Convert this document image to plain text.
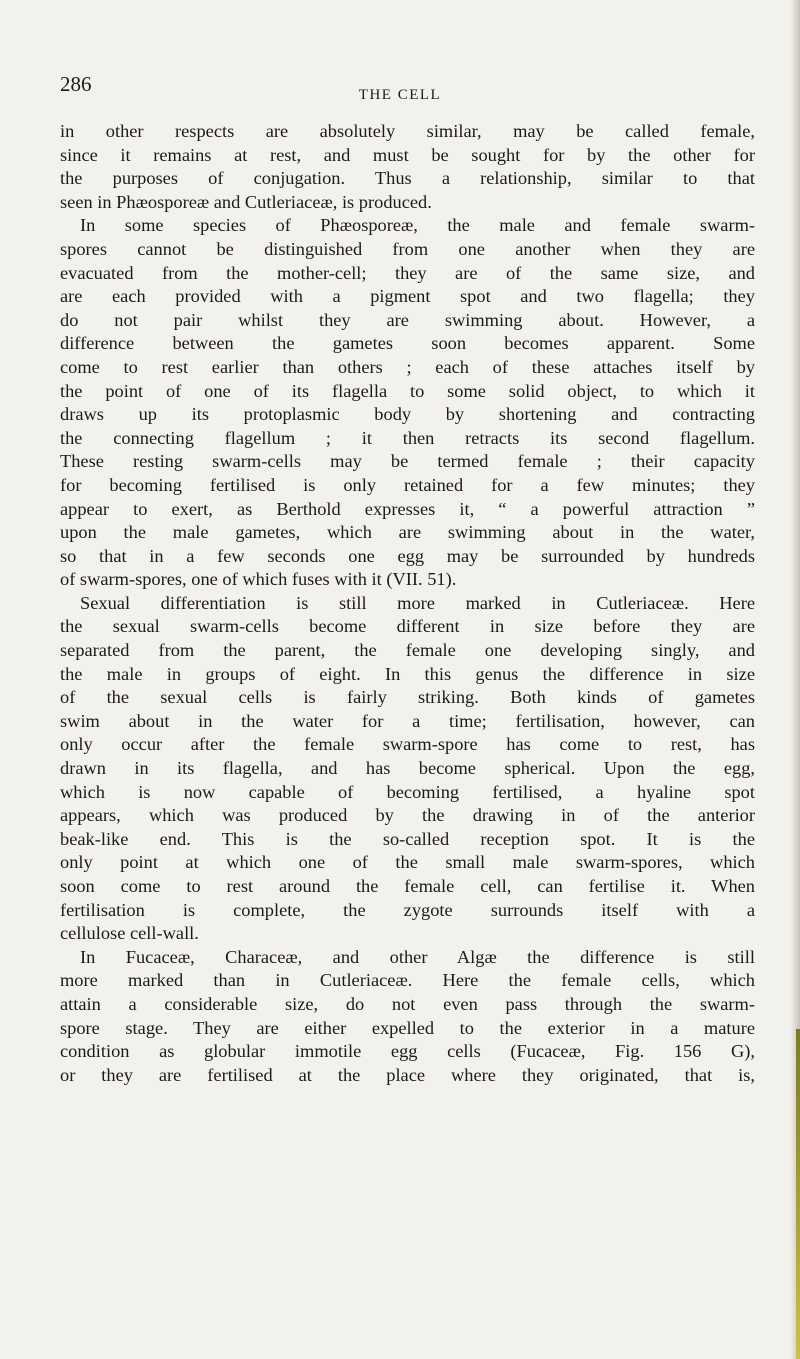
286	THE CELL
in other respects are absolutely similar, may be called female,
since it remains at rest, and must be sought for by the other for
the purposes of conjugation. Thus a relationship, similar to that
seen in Phæosporeæ and Cutleriaceæ, is produced.
In some species of Phæosporeæ, the male and female swarm-
spores cannot be distinguished from one another when they are
evacuated from the mother-cell; they are of the same size, and
are each provided with a pigment spot and two flagella; they
do not pair whilst they are swimming about. However, a
difference between the gametes soon becomes apparent. Some
come to rest earlier than others ; each of these attaches itself by
the point of one of its flagella to some solid object, to which it
draws up its protoplasmic body by shortening and contracting
the connecting flagellum ; it then retracts its second flagellum.
These resting swarm-cells may be termed female ; their capacity
for becoming fertilised is only retained for a few minutes; they
appear to exert, as Berthold expresses it, “ a powerful attraction ”
upon the male gametes, which are swimming about in the water,
so that in a few seconds one egg may be surrounded by hundreds
of swarm-spores, one of which fuses with it (VII. 51).
Sexual differentiation is still more marked in Cutleriaceæ. Here
the sexual swarm-cells become different in size before they are
separated from the parent, the female one developing singly, and
the male in groups of eight. In this genus the difference in size
of the sexual cells is fairly striking. Both kinds of gametes
swim about in the water for a time; fertilisation, however, can
only occur after the female swarm-spore has come to rest, has
drawn in its flagella, and has become spherical. Upon the egg,
which is now capable of becoming fertilised, a hyaline spot
appears, which was produced by the drawing in of the anterior
beak-like end. This is the so-called reception spot. It is the
only point at which one of the small male swarm-spores, which
soon come to rest around the female cell, can fertilise it. When
fertilisation is complete, the zygote surrounds itself with a
cellulose cell-wall.
In Fucaceæ, Characeæ, and other Algæ the difference is still
more marked than in Cutleriaceæ. Here the female cells, which
attain a considerable size, do not even pass through the swarm-
spore stage. They are either expelled to the exterior in a mature
condition as globular immotile egg cells (Fucaceæ, Fig. 156 G),
or they are fertilised at the place where they originated, that is,
